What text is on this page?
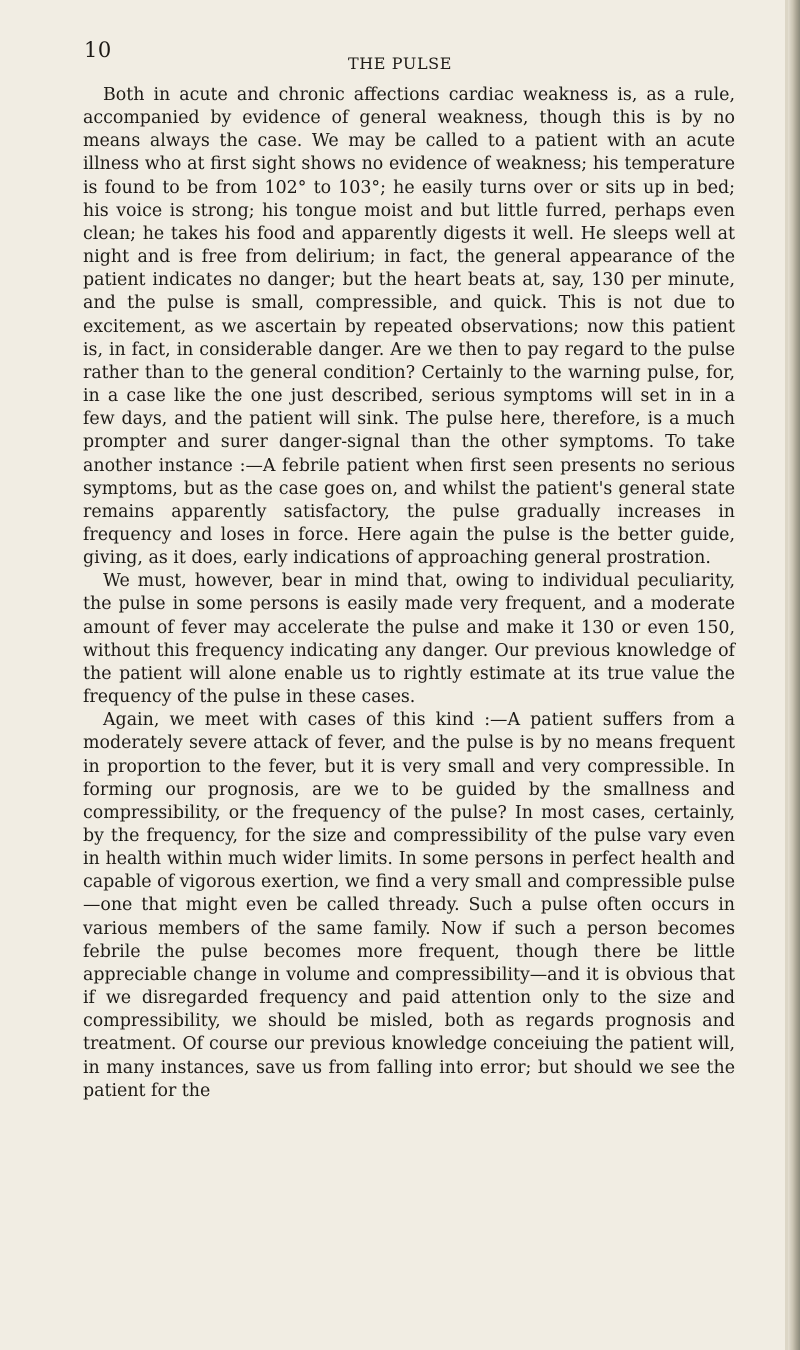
10
THE PULSE

Both in acute and chronic affections cardiac weakness is, as a rule, accompanied by evidence of general weakness, though this is by no means always the case. We may be called to a patient with an acute illness who at first sight shows no evidence of weakness; his temperature is found to be from 102° to 103°; he easily turns over or sits up in bed; his voice is strong; his tongue moist and but little furred, perhaps even clean; he takes his food and apparently digests it well. He sleeps well at night and is free from delirium; in fact, the general appearance of the patient indicates no danger; but the heart beats at, say, 130 per minute, and the pulse is small, compressible, and quick. This is not due to excitement, as we ascertain by repeated observations; now this patient is, in fact, in considerable danger. Are we then to pay regard to the pulse rather than to the general condition? Certainly to the warning pulse, for, in a case like the one just described, serious symptoms will set in in a few days, and the patient will sink. The pulse here, therefore, is a much prompter and surer danger-signal than the other symptoms. To take another instance :—A febrile patient when first seen presents no serious symptoms, but as the case goes on, and whilst the patient's general state remains apparently satisfactory, the pulse gradually increases in frequency and loses in force. Here again the pulse is the better guide, giving, as it does, early indications of approaching general prostration.

We must, however, bear in mind that, owing to individual peculiarity, the pulse in some persons is easily made very frequent, and a moderate amount of fever may accelerate the pulse and make it 130 or even 150, without this frequency indicating any danger. Our previous knowledge of the patient will alone enable us to rightly estimate at its true value the frequency of the pulse in these cases.

Again, we meet with cases of this kind :—A patient suffers from a moderately severe attack of fever, and the pulse is by no means frequent in proportion to the fever, but it is very small and very compressible. In forming our prognosis, are we to be guided by the smallness and compressibility, or the frequency of the pulse? In most cases, certainly, by the frequency, for the size and compressibility of the pulse vary even in health within much wider limits. In some persons in perfect health and capable of vigorous exertion, we find a very small and compressible pulse—one that might even be called thready. Such a pulse often occurs in various members of the same family. Now if such a person becomes febrile the pulse becomes more frequent, though there be little appreciable change in volume and compressibility—and it is obvious that if we disregarded frequency and paid attention only to the size and compressibility, we should be misled, both as regards prognosis and treatment. Of course our previous knowledge conceiuing the patient will, in many instances, save us from falling into error; but should we see the patient for the
